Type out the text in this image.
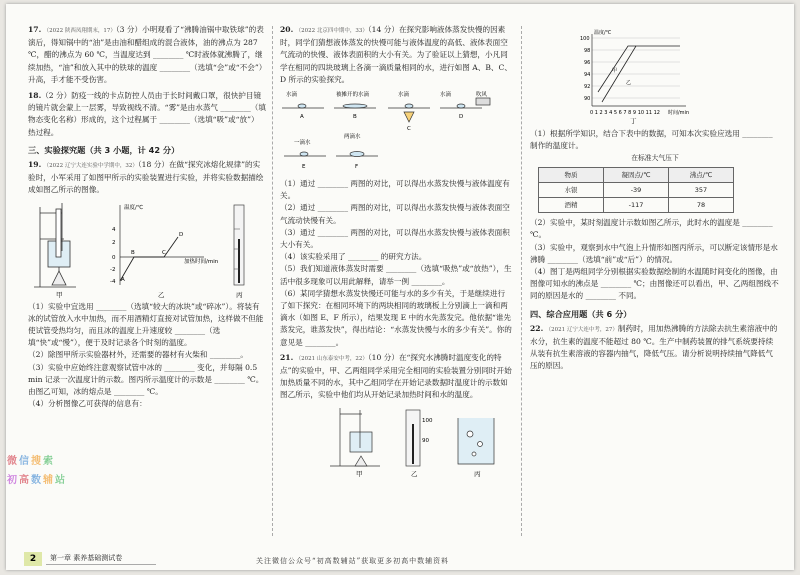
17. （2022 陕西凤翔期末，17）（3 分）小明观看了“沸腾油锅中取铁球”的表演后，得知锅中的“油”是由油和醋组成的混合液体，油的沸点为 287 ℃，醋的沸点为 60 ℃，当温度达到 ________ ℃时液体就沸腾了，继续加热，“油”和放入其中的铁球的温度 ________（选填“会”或“不会”）升高，手才能不受伤害。

18.（2 分）防疫一线的卡点防控人员由于长时间戴口罩，很快护目镜的镜片就会蒙上一层雾，导致视线不清。“雾”是由水蒸气 ________（填物态变化名称）形成的，这个过程属于 ________（选填“吸”或“放”）热过程。

三、实验探究题（共 3 小题，计 42 分）

19. （2022 辽宁大连实验中学期中，32）（18 分）在做“探究冰熔化规律”的实验时，小军采用了如图甲所示的实验装置进行实验，并将实验数据描绘成如图乙所示的图像。

温度/℃
加热时间/min
4
2
0
-2
-4 A
B	C
D
甲	乙	丙

（1）实验中宜选用 ________（选填“较大的冰块”或“碎冰”）。将装有冰的试管放入水中加热，而不用酒精灯直接对试管加热，这样做不但能使试管受热均匀，而且冰的温度上升速度较 ________（选填“快”或“慢”），便于及时记录各个时刻的温度。

（2）除图甲所示实验器材外，还需要的器材有火柴和 ________。

（3）实验中应始终注意观察试管中冰的 ________ 变化，并每隔 0.5 min 记录一次温度计的示数。图丙所示温度计的示数是 ________ ℃。

由图乙可知，冰的熔点是 ________ ℃。

（4）分析图像乙可获得的信息有：

20. （2022 北京四中期中，33）（14 分）在探究影响液体蒸发快慢的因素时，同学们猜想液体蒸发的快慢可能与液体温度的高低、液体表面空气流动的快慢、液体表面积的大小有关。为了验证以上猜想，小凡同学在相同的四块玻璃上各滴一滴质量相同的水，进行如图 A、B、C、D 所示的实验探究。

水滴	被摊开的水滴	水滴	水滴	吹风
A	B
C
D
一滴水
两滴水
E	F

（1）通过 ________ 两图的对比，可以得出水蒸发快慢与液体温度有关。

（2）通过 ________ 两图的对比，可以得出水蒸发快慢与液体表面空气流动快慢有关。

（3）通过 ________ 两图的对比，可以得出水蒸发快慢与液体表面积大小有关。

（4）该实验采用了 ________ 的研究方法。

（5）我们知道液体蒸发时需要 ________（选填“吸热”或“放热”），生活中很多现象可以用此解释，请举一例 ________。

（6）某同学猜想水蒸发快慢还可能与水的多少有关，于是继续进行了如下探究：在相同环境下的两块相同的玻璃板上分别滴上一滴和两滴水（如图 E、F 所示），结果发现 E 中的水先蒸发完。他依据“谁先蒸发完，谁蒸发快”，得出结论：“水蒸发快慢与水的多少有关”。你的意见是 ________。

21. （2021 山东泰安中考，22）（10 分）在“探究水沸腾时温度变化的特点”的实验中，甲、乙两组同学采用完全相同的实验装置分别同时开始加热质量不同的水，其中乙组同学在开始记录数据时温度计的示数如图乙所示，实验中他们均从开始记录加热时间和水的温度。

100
90
甲	乙	丙
温度/℃
100
98
96
94
92
90
0 1 2 3 4 5 6 7 8 9 10 11 12 时间/min
甲
乙
丁

（1）根据所学知识，结合下表中的数据，可知本次实验应选用 ________ 制作的温度计。

在标准大气压下
物质	凝固点/℃	沸点/℃
水银	-39	357
酒精	-117	78

（2）实验中，某时刻温度计示数如图乙所示，此时水的温度是 ________ ℃。

（3）实验中，观察到水中气泡上升情形如图丙所示，可以断定该情形是水沸腾 ________（选填“前”或“后”）的情况。

（4）图丁是两组同学分别根据实验数据绘制的水温随时间变化的图像，由图像可知水的沸点是 ________ ℃；由图像还可以看出，甲、乙两组图线不同的原因是水的 ________ 不同。

四、综合应用题（共 6 分）

22. （2021 辽宁大连中考，27）制药时，用加热沸腾的方法除去抗生素溶液中的水分，抗生素的温度不能超过 80 ℃。生产中制药装置的排气系统要持续从装有抗生素溶液的容器内抽气，降低气压。请分析说明持续抽气降低气压的原因。

微 信 搜 索
初 高 数 辅 站
2	第一章 素养基础测试卷	关注微信公众号“初高数辅站”获取更多初高中数辅资料
